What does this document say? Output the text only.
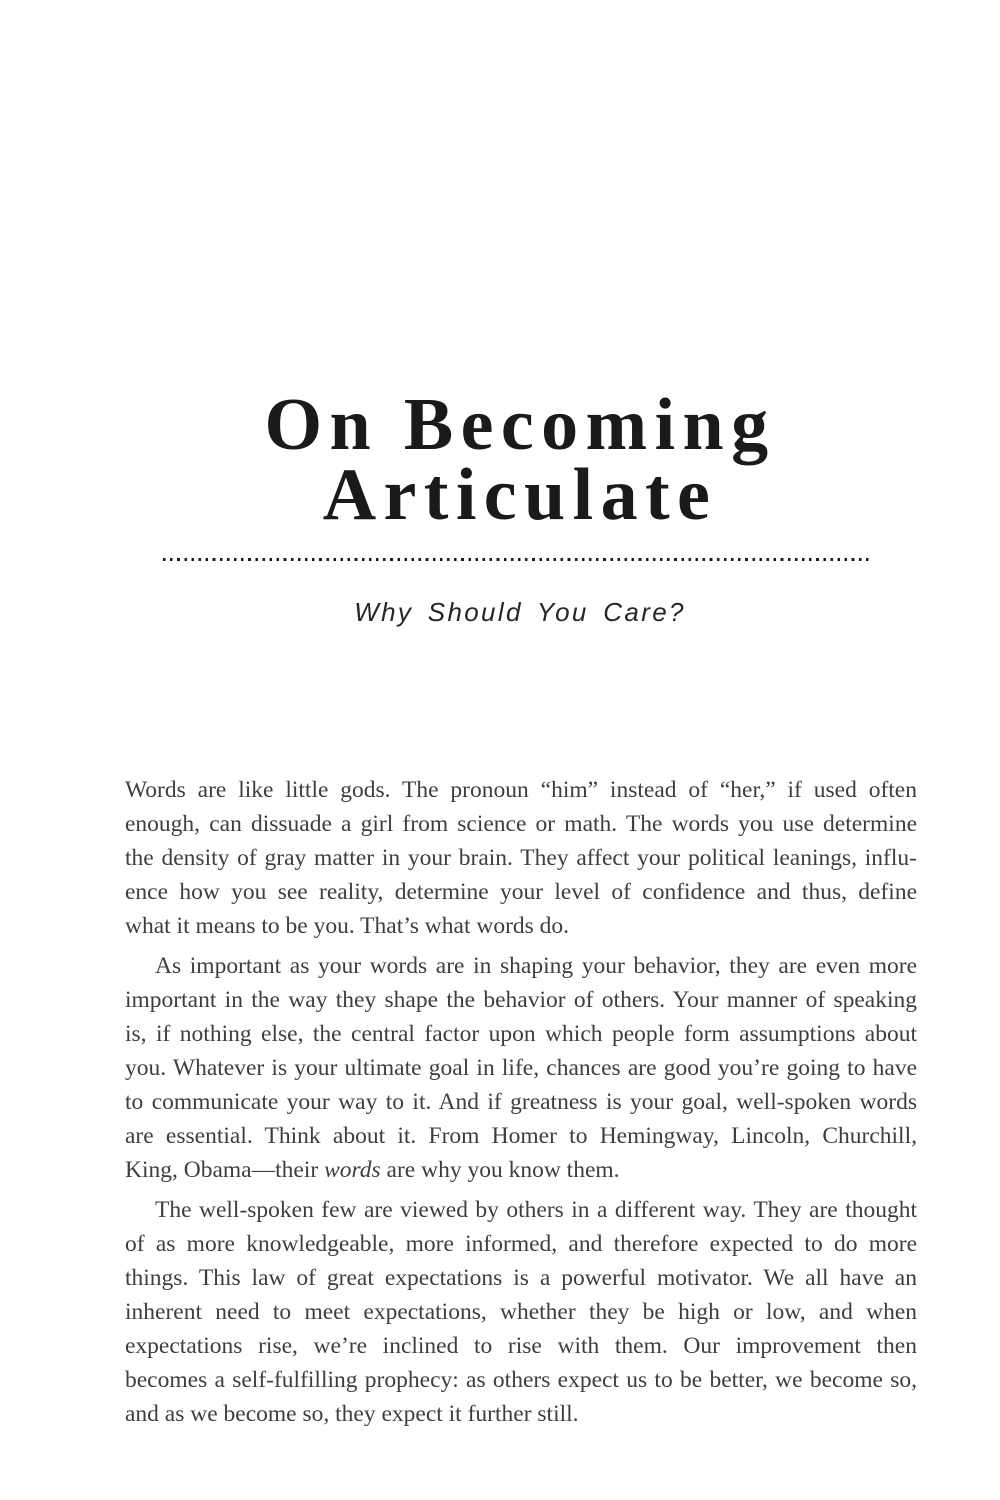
On Becoming
Articulate
Why Should You Care?
Words are like little gods. The pronoun “him” instead of “her,” if used often
enough, can dissuade a girl from science or math. The words you use determine
the density of gray matter in your brain. They affect your political leanings, influ-
ence how you see reality, determine your level of confidence and thus, define
what it means to be you. That’s what words do.
As important as your words are in shaping your behavior, they are even more
important in the way they shape the behavior of others. Your manner of speaking
is, if nothing else, the central factor upon which people form assumptions about
you. Whatever is your ultimate goal in life, chances are good you’re going to have
to communicate your way to it. And if greatness is your goal, well-spoken words
are essential. Think about it. From Homer to Hemingway, Lincoln, Churchill,
King, Obama—their words are why you know them.
The well-spoken few are viewed by others in a different way. They are thought
of as more knowledgeable, more informed, and therefore expected to do more
things. This law of great expectations is a powerful motivator. We all have an
inherent need to meet expectations, whether they be high or low, and when
expectations rise, we’re inclined to rise with them. Our improvement then
becomes a self-fulfilling prophecy: as others expect us to be better, we become so,
and as we become so, they expect it further still.
